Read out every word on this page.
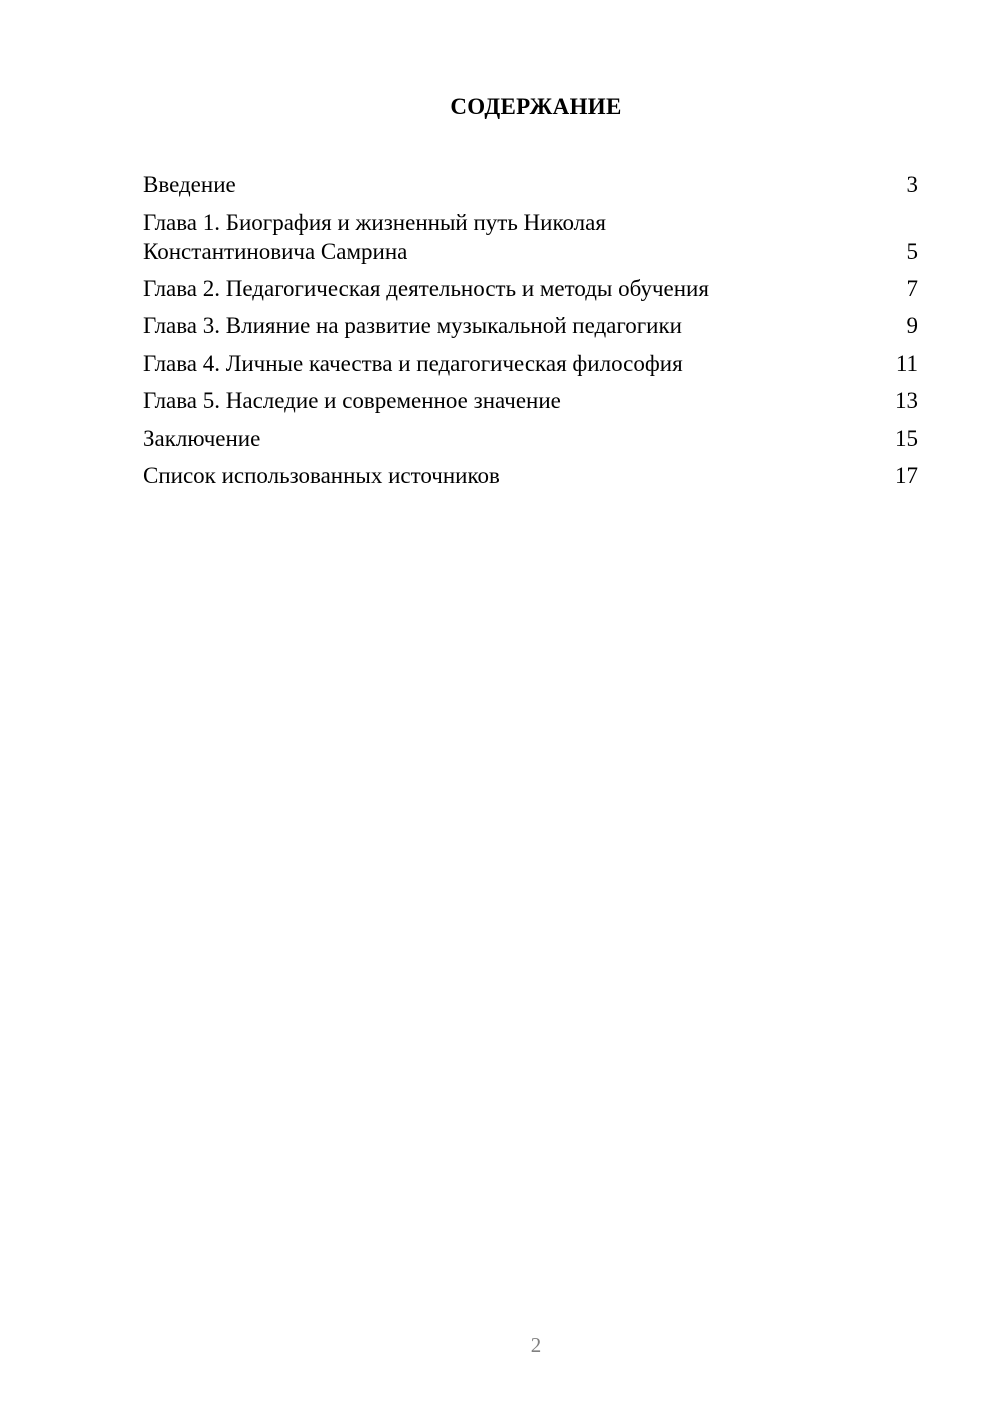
СОДЕРЖАНИЕ
Введение	3
Глава 1. Биография и жизненный путь Николая
Константиновича Самрина	5
Глава 2. Педагогическая деятельность и методы обучения	7
Глава 3. Влияние на развитие музыкальной педагогики	9
Глава 4. Личные качества и педагогическая философия	11
Глава 5. Наследие и современное значение	13
Заключение	15
Список использованных источников	17
2
